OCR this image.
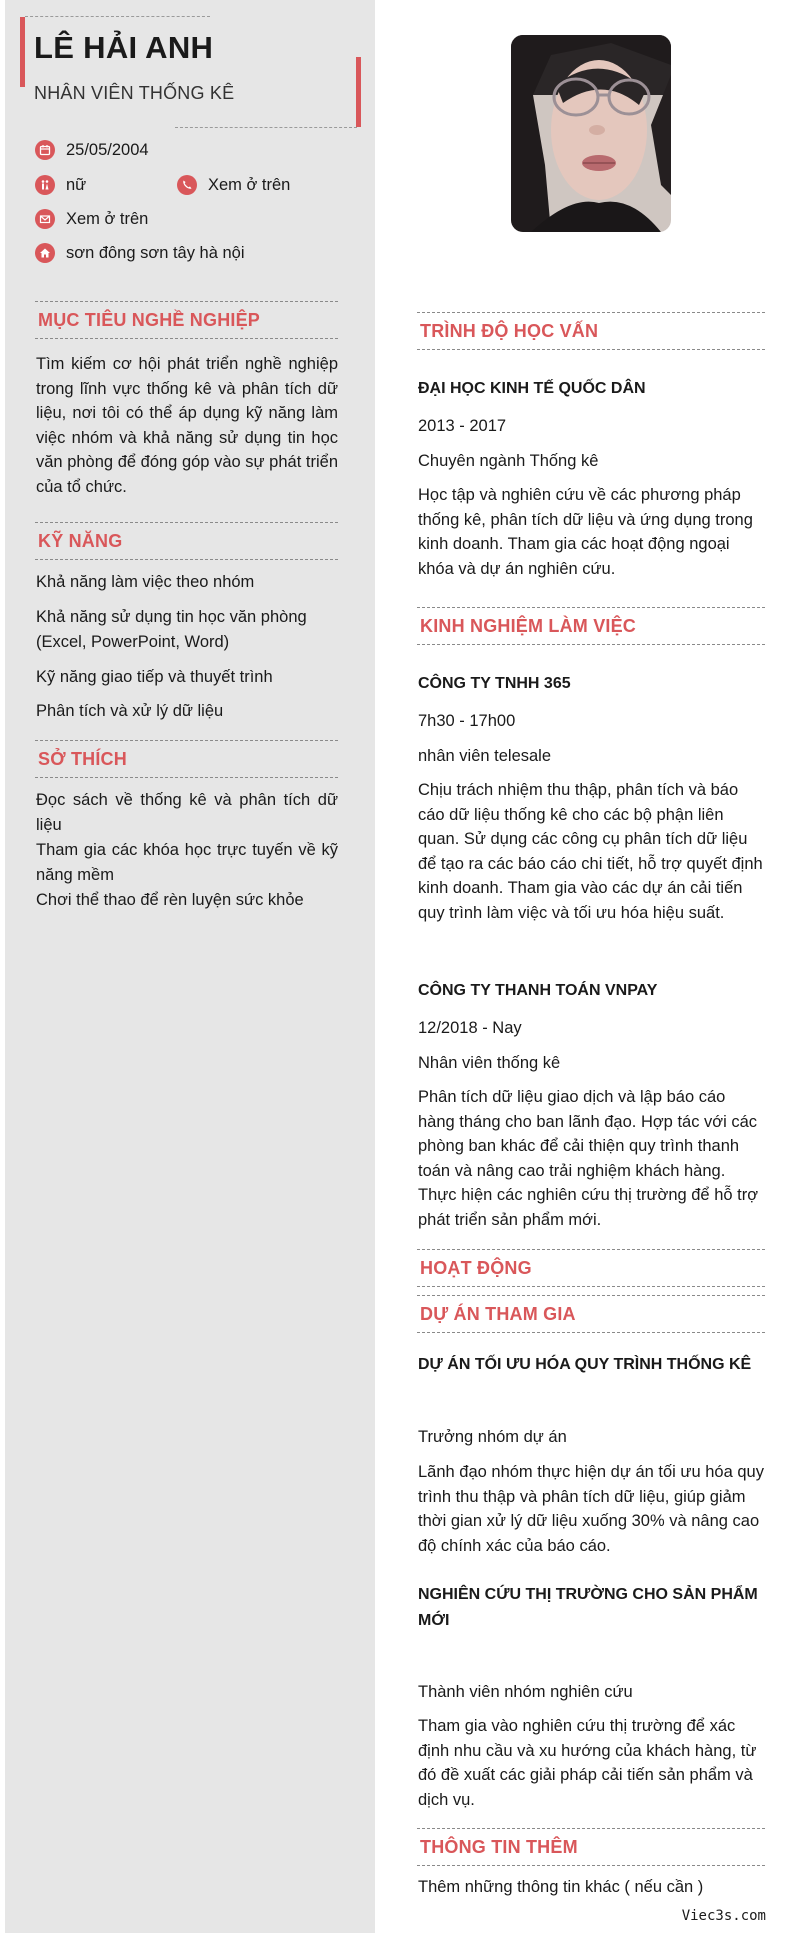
LÊ HẢI ANH
NHÂN VIÊN THỐNG KÊ
25/05/2004
nữ	Xem ở trên
Xem ở trên
sơn đông sơn tây hà nội
MỤC TIÊU NGHỀ NGHIỆP
Tìm kiếm cơ hội phát triển nghề nghiệp trong lĩnh vực thống kê và phân tích dữ liệu, nơi tôi có thể áp dụng kỹ năng làm việc nhóm và khả năng sử dụng tin học văn phòng để đóng góp vào sự phát triển của tổ chức.
KỸ NĂNG
Khả năng làm việc theo nhóm
Khả năng sử dụng tin học văn phòng (Excel, PowerPoint, Word)
Kỹ năng giao tiếp và thuyết trình
Phân tích và xử lý dữ liệu
SỞ THÍCH
Đọc sách về thống kê và phân tích dữ liệu
Tham gia các khóa học trực tuyến về kỹ năng mềm
Chơi thể thao để rèn luyện sức khỏe
TRÌNH ĐỘ HỌC VẤN
ĐẠI HỌC KINH TẾ QUỐC DÂN
2013 - 2017
Chuyên ngành Thống kê
Học tập và nghiên cứu về các phương pháp thống kê, phân tích dữ liệu và ứng dụng trong kinh doanh. Tham gia các hoạt động ngoại khóa và dự án nghiên cứu.
KINH NGHIỆM LÀM VIỆC
CÔNG TY TNHH 365
7h30 - 17h00
nhân viên telesale
Chịu trách nhiệm thu thập, phân tích và báo cáo dữ liệu thống kê cho các bộ phận liên quan. Sử dụng các công cụ phân tích dữ liệu để tạo ra các báo cáo chi tiết, hỗ trợ quyết định kinh doanh. Tham gia vào các dự án cải tiến quy trình làm việc và tối ưu hóa hiệu suất.
CÔNG TY THANH TOÁN VNPAY
12/2018 - Nay
Nhân viên thống kê
Phân tích dữ liệu giao dịch và lập báo cáo hàng tháng cho ban lãnh đạo. Hợp tác với các phòng ban khác để cải thiện quy trình thanh toán và nâng cao trải nghiệm khách hàng. Thực hiện các nghiên cứu thị trường để hỗ trợ phát triển sản phẩm mới.
HOẠT ĐỘNG
DỰ ÁN THAM GIA
DỰ ÁN TỐI ƯU HÓA QUY TRÌNH THỐNG KÊ
Trưởng nhóm dự án
Lãnh đạo nhóm thực hiện dự án tối ưu hóa quy trình thu thập và phân tích dữ liệu, giúp giảm thời gian xử lý dữ liệu xuống 30% và nâng cao độ chính xác của báo cáo.
NGHIÊN CỨU THỊ TRƯỜNG CHO SẢN PHẨM MỚI
Thành viên nhóm nghiên cứu
Tham gia vào nghiên cứu thị trường để xác định nhu cầu và xu hướng của khách hàng, từ đó đề xuất các giải pháp cải tiến sản phẩm và dịch vụ.
THÔNG TIN THÊM
Thêm những thông tin khác ( nếu cần )
Viec3s.com
